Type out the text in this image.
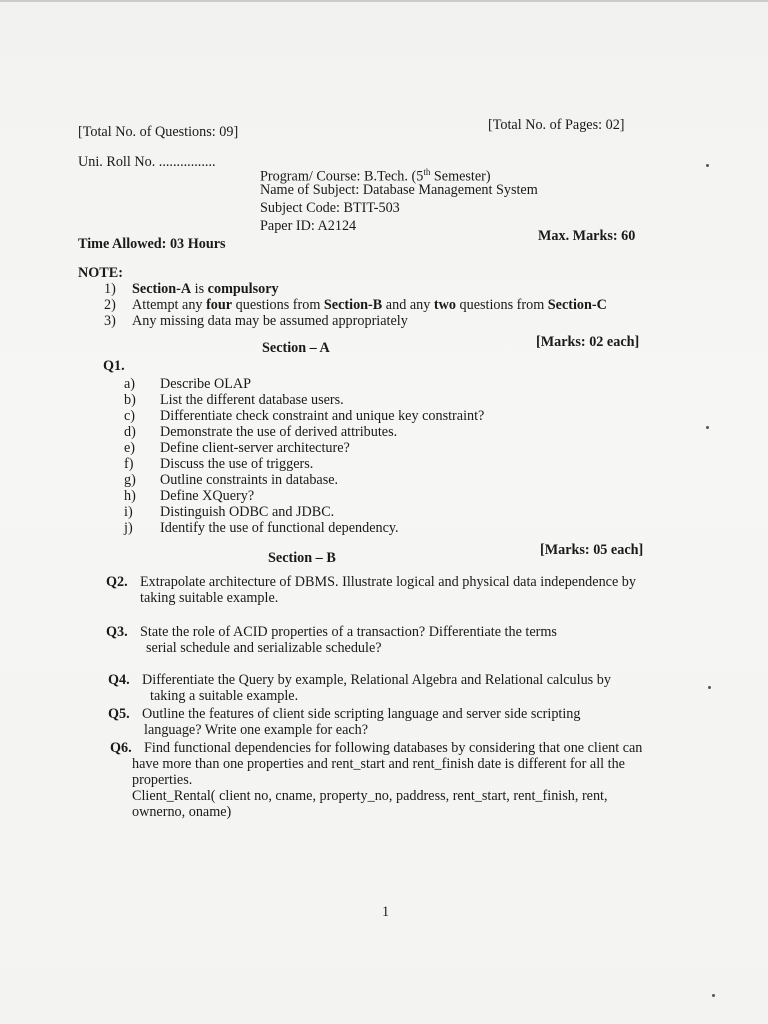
[Total No. of Questions: 09]	[Total No. of Pages: 02]
Uni. Roll No. ................
Program/ Course: B.Tech. (5th Semester)
Name of Subject: Database Management System
Subject Code: BTIT-503
Paper ID: A2124
Time Allowed: 03 Hours	Max. Marks: 60
NOTE:
1) Section-A is compulsory
2) Attempt any four questions from Section-B and any two questions from Section-C
3) Any missing data may be assumed appropriately
Section – A	[Marks: 02 each]
Q1.
a) Describe OLAP
b) List the different database users.
c) Differentiate check constraint and unique key constraint?
d) Demonstrate the use of derived attributes.
e) Define client-server architecture?
f) Discuss the use of triggers.
g) Outline constraints in database.
h) Define XQuery?
i) Distinguish ODBC and JDBC.
j) Identify the use of functional dependency.
Section – B	[Marks: 05 each]
Q2. Extrapolate architecture of DBMS. Illustrate logical and physical data independence by
taking suitable example.
Q3. State the role of ACID properties of a transaction? Differentiate the terms
serial schedule and serializable schedule?
Q4. Differentiate the Query by example, Relational Algebra and Relational calculus by
taking a suitable example.
Q5. Outline the features of client side scripting language and server side scripting
language? Write one example for each?
Q6. Find functional dependencies for following databases by considering that one client can
have more than one properties and rent_start and rent_finish date is different for all the
properties.
Client_Rental( client no, cname, property_no, paddress, rent_start, rent_finish, rent,
ownerno, oname)
1
